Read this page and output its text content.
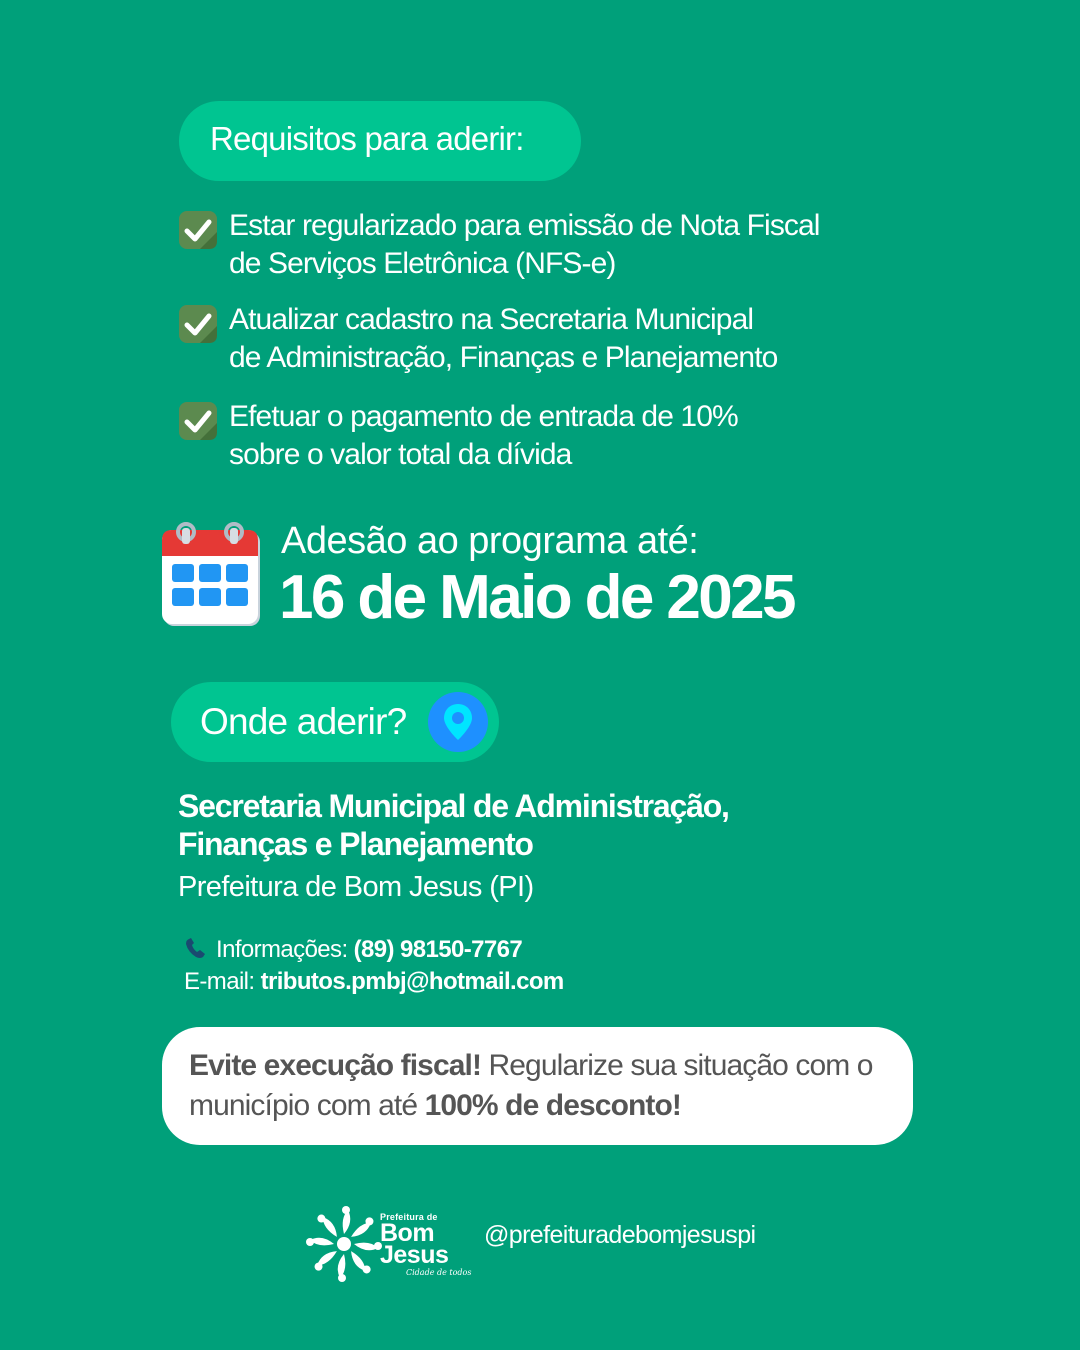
Requisitos para aderir:
Estar regularizado para emissão de Nota Fiscal
de Serviços Eletrônica (NFS-e)
Atualizar cadastro na Secretaria Municipal
de Administração, Finanças e Planejamento
Efetuar o pagamento de entrada de 10%
sobre o valor total da dívida
Adesão ao programa até:
16 de Maio de 2025
Onde aderir?
Secretaria Municipal de Administração,
Finanças e Planejamento
Prefeitura de Bom Jesus (PI)
Informações: (89) 98150-7767
E-mail: tributos.pmbj@hotmail.com
Evite execução fiscal! Regularize sua situação com o município com até 100% de desconto!
Prefeitura de
Bom
Jesus
Cidade de todos
@prefeituradebomjesuspi
